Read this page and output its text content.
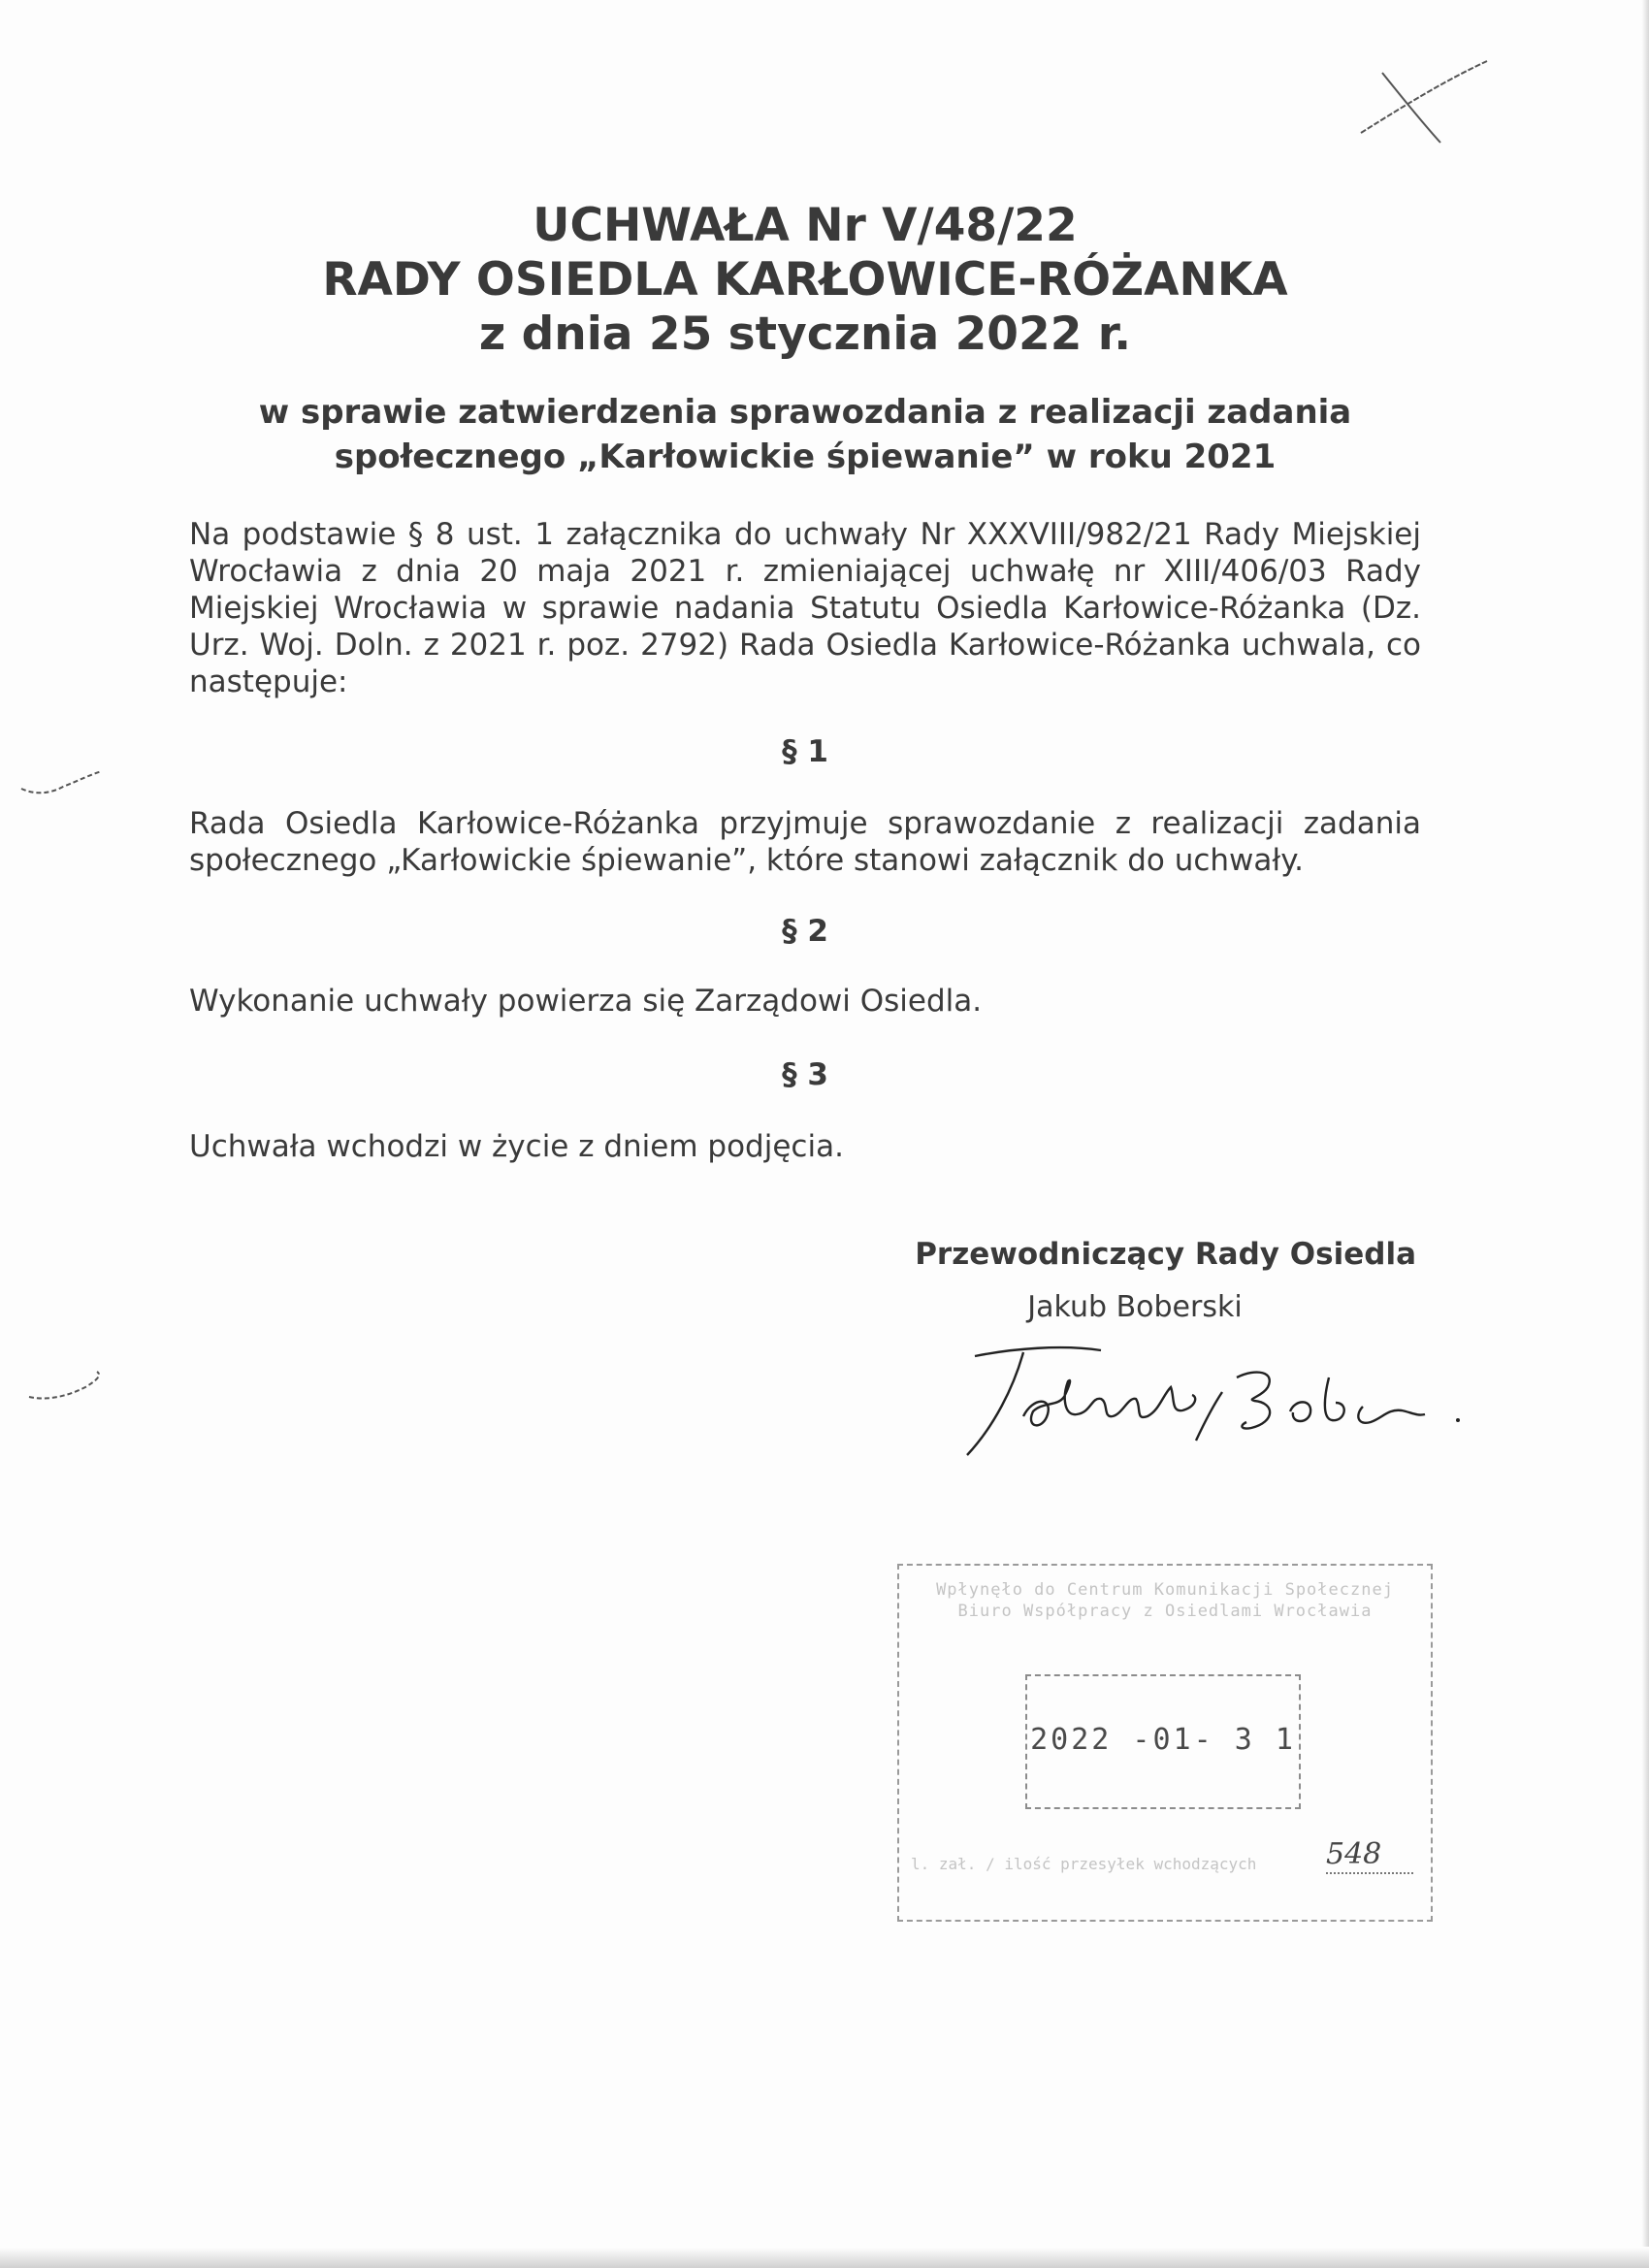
UCHWAŁA Nr V/48/22
RADY OSIEDLA KARŁOWICE-RÓŻANKA
z dnia 25 stycznia 2022 r.
w sprawie zatwierdzenia sprawozdania z realizacji zadania
społecznego „Karłowickie śpiewanie” w roku 2021
Na podstawie § 8 ust. 1 załącznika do uchwały Nr XXXVIII/982/21 Rady Miejskiej Wrocławia z dnia 20 maja 2021 r. zmieniającej uchwałę nr XIII/406/03 Rady Miejskiej Wrocławia w sprawie nadania Statutu Osiedla Karłowice-Różanka (Dz. Urz. Woj. Doln. z 2021 r. poz. 2792) Rada Osiedla Karłowice-Różanka uchwala, co następuje:
§ 1
Rada Osiedla Karłowice-Różanka przyjmuje sprawozdanie z realizacji zadania społecznego „Karłowickie śpiewanie”, które stanowi załącznik do uchwały.
§ 2
Wykonanie uchwały powierza się Zarządowi Osiedla.
§ 3
Uchwała wchodzi w życie z dniem podjęcia.
Przewodniczący Rady Osiedla
Jakub Boberski
Wpłynęło do Centrum Komunikacji Społecznej Biuro Współpracy z Osiedlami Wrocławia
2022 -01- 3 1
l. zał. / ilość przesyłek wchodzących	548
